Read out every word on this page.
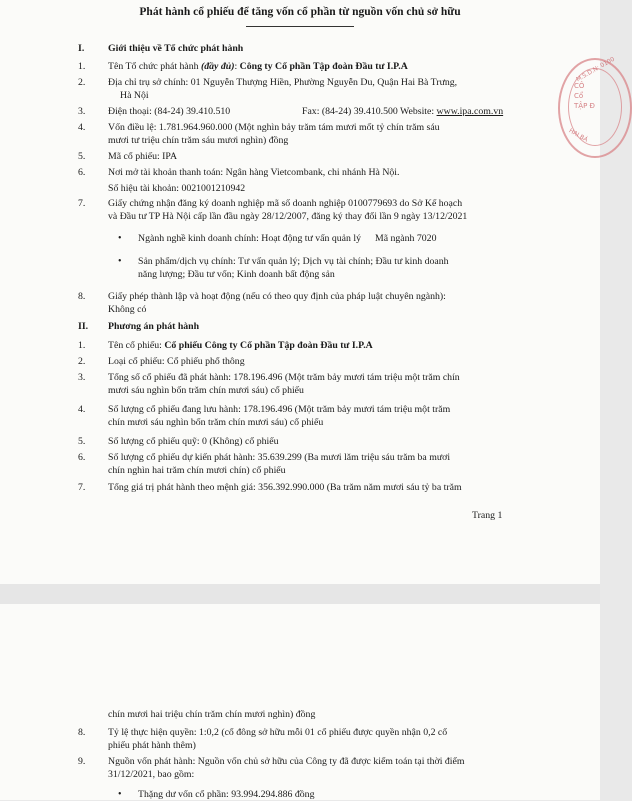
Phát hành cổ phiếu để tăng vốn cổ phần từ nguồn vốn chủ sở hữu
M.S.D.N: 0100
CÔ
Cổ
TẬP Đ
HAI BÀ
I. Giới thiệu về Tổ chức phát hành
1. Tên Tổ chức phát hành (đầy đủ): Công ty Cổ phần Tập đoàn Đầu tư I.P.A
2. Địa chỉ trụ sở chính: 01 Nguyễn Thượng Hiền, Phường Nguyễn Du, Quận Hai Bà Trưng,
Hà Nội
3. Điện thoại: (84-24) 39.410.510	Fax: (84-24) 39.410.500 Website: www.ipa.com.vn
4. Vốn điều lệ: 1.781.964.960.000 (Một nghìn bảy trăm tám mươi mốt tỷ chín trăm sáu
mươi tư triệu chín trăm sáu mươi nghìn) đồng
5. Mã cổ phiếu: IPA
6. Nơi mở tài khoản thanh toán: Ngân hàng Vietcombank, chi nhánh Hà Nội.
Số hiệu tài khoản: 0021001210942
7. Giấy chứng nhận đăng ký doanh nghiệp mã số doanh nghiệp 0100779693 do Sở Kế hoạch
và Đầu tư TP Hà Nội cấp lần đầu ngày 28/12/2007, đăng ký thay đổi lần 9 ngày 13/12/2021
• Ngành nghề kinh doanh chính: Hoạt động tư vấn quản lý Mã ngành 7020
• Sản phẩm/dịch vụ chính: Tư vấn quản lý; Dịch vụ tài chính; Đầu tư kinh doanh
năng lượng; Đầu tư vốn; Kinh doanh bất động sản
8. Giấy phép thành lập và hoạt động (nếu có theo quy định của pháp luật chuyên ngành):
Không có
II. Phương án phát hành
1. Tên cổ phiếu: Cổ phiếu Công ty Cổ phần Tập đoàn Đầu tư I.P.A
2. Loại cổ phiếu: Cổ phiếu phổ thông
3. Tổng số cổ phiếu đã phát hành: 178.196.496 (Một trăm bảy mươi tám triệu một trăm chín
mươi sáu nghìn bốn trăm chín mươi sáu) cổ phiếu
4. Số lượng cổ phiếu đang lưu hành: 178.196.496 (Một trăm bảy mươi tám triệu một trăm
chín mươi sáu nghìn bốn trăm chín mươi sáu) cổ phiếu
5. Số lượng cổ phiếu quỹ: 0 (Không) cổ phiếu
6. Số lượng cổ phiếu dự kiến phát hành: 35.639.299 (Ba mươi lăm triệu sáu trăm ba mươi
chín nghìn hai trăm chín mươi chín) cổ phiếu
7. Tổng giá trị phát hành theo mệnh giá: 356.392.990.000 (Ba trăm năm mươi sáu tỷ ba trăm
Trang 1
chín mươi hai triệu chín trăm chín mươi nghìn) đồng
8. Tỷ lệ thực hiện quyền: 1:0,2 (cổ đông sở hữu mỗi 01 cổ phiếu được quyền nhận 0,2 cổ
phiếu phát hành thêm)
9. Nguồn vốn phát hành: Nguồn vốn chủ sở hữu của Công ty đã được kiểm toán tại thời điểm
31/12/2021, bao gồm:
• Thặng dư vốn cổ phần: 93.994.294.886 đồng
